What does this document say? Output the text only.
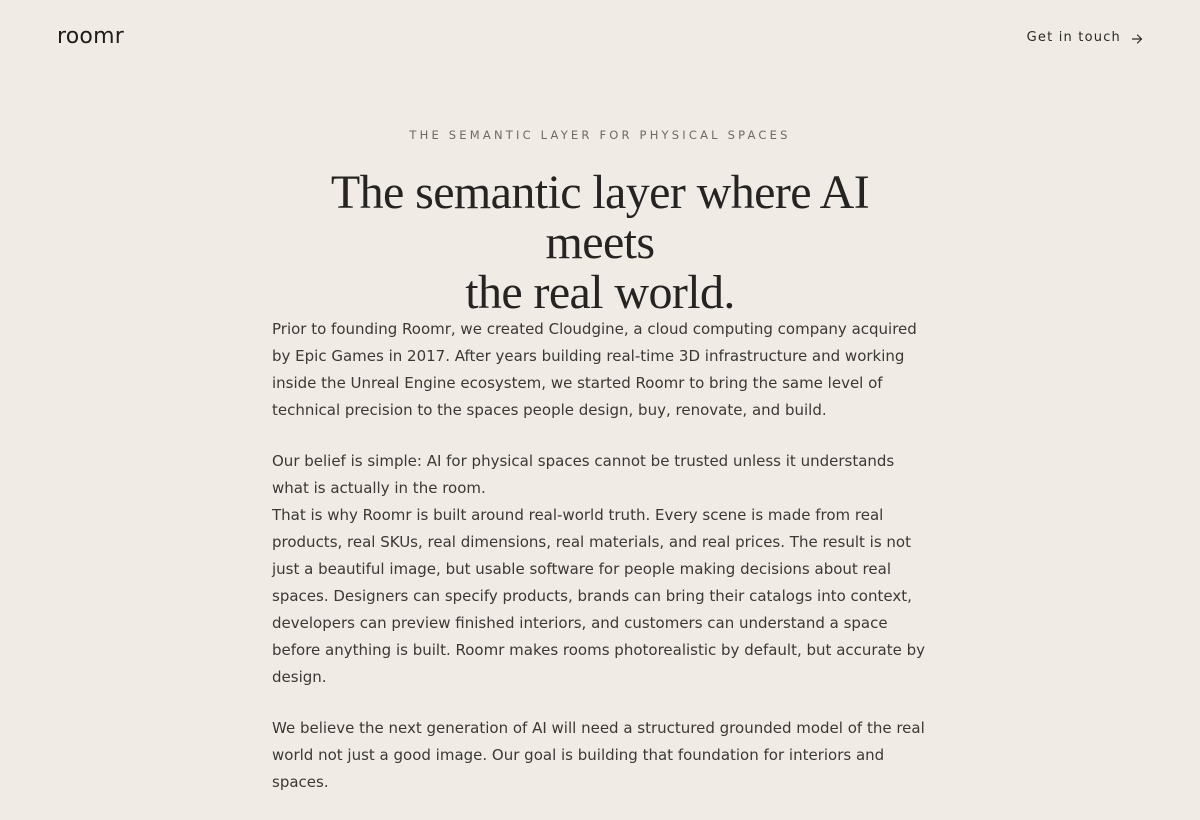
roomr	Get in touch
THE SEMANTIC LAYER FOR PHYSICAL SPACES
The semantic layer where AI meets
the real world.

Prior to founding Roomr, we created Cloudgine, a cloud computing company acquired by Epic Games in 2017. After years building real-time 3D infrastructure and working inside the Unreal Engine ecosystem, we started Roomr to bring the same level of technical precision to the spaces people design, buy, renovate, and build.

Our belief is simple: AI for physical spaces cannot be trusted unless it understands what is actually in the room.

That is why Roomr is built around real-world truth. Every scene is made from real products, real SKUs, real dimensions, real materials, and real prices. The result is not just a beautiful image, but usable software for people making decisions about real spaces. Designers can specify products, brands can bring their catalogs into context, developers can preview finished interiors, and customers can understand a space before anything is built. Roomr makes rooms photorealistic by default, but accurate by design.

We believe the next generation of AI will need a structured grounded model of the real world not just a good image. Our goal is building that foundation for interiors and spaces.
